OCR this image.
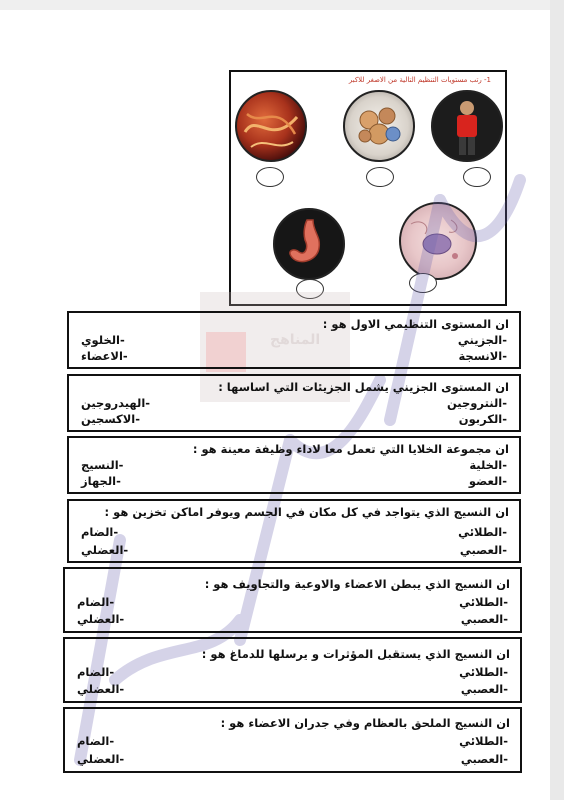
1- رتب مستويات التنظيم التالية من الاصغر للاكبر
المناهج
ان المستوى التنظيمي الاول هو :
-الجزيني
-الانسجة
-الخلوي
-الاعضاء
ان المستوى الجزيني يشمل الجزيئات التي اساسها :
-النتروجين
-الكربون
-الهيدروجين
-الاكسجين
ان مجموعة الخلايا التي تعمل معا لاداء وظيفة معينة هو :
-الخلية
-العضو
-النسيج
-الجهاز
ان النسيج الذي يتواجد في كل مكان في الجسم ويوفر اماكن تخزين هو :
-الطلائي
-العصبي
-الضام
-العضلي
ان النسيج الذي يبطن الاعضاء والاوعية والتجاويف هو :
-الطلائي
-العصبي
-الضام
-العضلي
ان النسيج الذي يستقبل المؤثرات و يرسلها للدماغ هو :
-الطلائي
-العصبي
-الضام
-العضلي
ان النسيج الملحق بالعظام وفي جدران الاعضاء هو :
-الطلائي
-العصبي
-الضام
-العضلي
